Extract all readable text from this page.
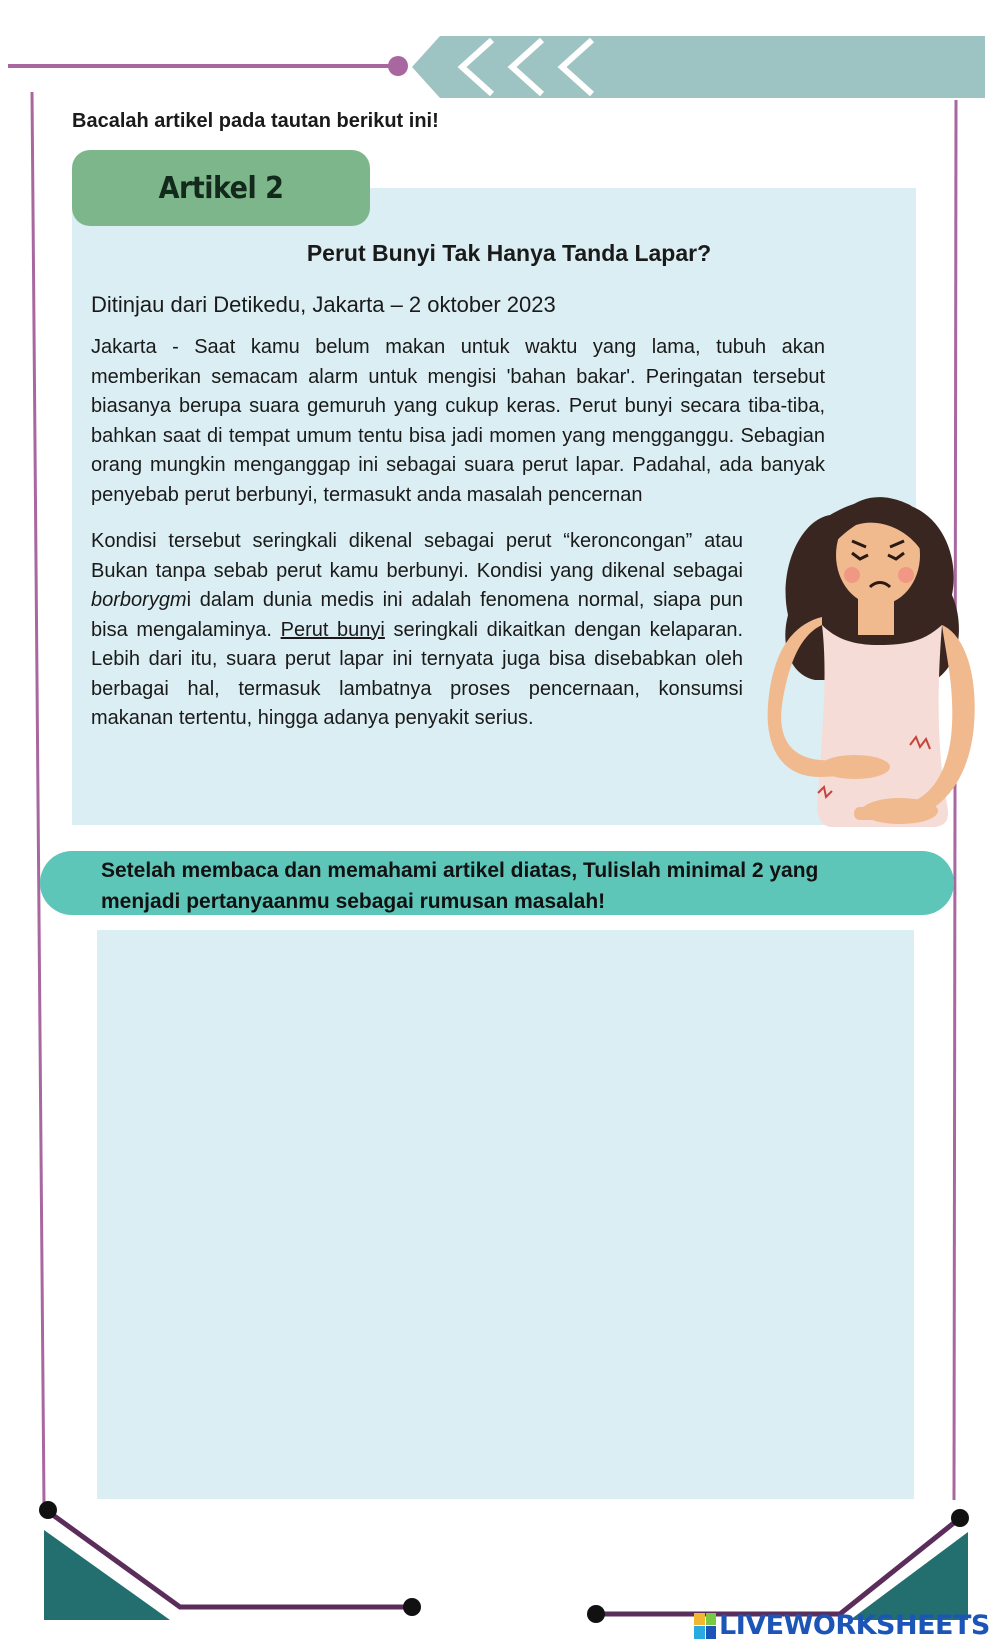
Bacalah artikel pada tautan berikut ini!
Artikel 2
Perut Bunyi Tak Hanya Tanda Lapar?
Ditinjau dari Detikedu, Jakarta – 2 oktober 2023
Jakarta - Saat kamu belum makan untuk waktu yang lama, tubuh akan memberikan semacam alarm untuk mengisi 'bahan bakar'. Peringatan tersebut biasanya berupa suara gemuruh yang cukup keras. Perut bunyi secara tiba-tiba, bahkan saat di tempat umum tentu bisa jadi momen yang mengganggu. Sebagian orang mungkin menganggap ini sebagai suara perut lapar. Padahal, ada banyak penyebab perut berbunyi, termasukt anda masalah pencernan
Kondisi tersebut seringkali dikenal sebagai perut “keroncongan” atau Bukan tanpa sebab perut kamu berbunyi. Kondisi yang dikenal sebagai borborygmi dalam dunia medis ini adalah fenomena normal, siapa pun bisa mengalaminya. Perut bunyi seringkali dikaitkan dengan kelaparan. Lebih dari itu, suara perut lapar ini ternyata juga bisa disebabkan oleh berbagai hal, termasuk lambatnya proses pencernaan, konsumsi makanan tertentu, hingga adanya penyakit serius.
Setelah membaca dan memahami artikel diatas, Tulislah minimal 2 yang menjadi pertanyaanmu sebagai rumusan masalah!
LIVEWORKSHEETS
